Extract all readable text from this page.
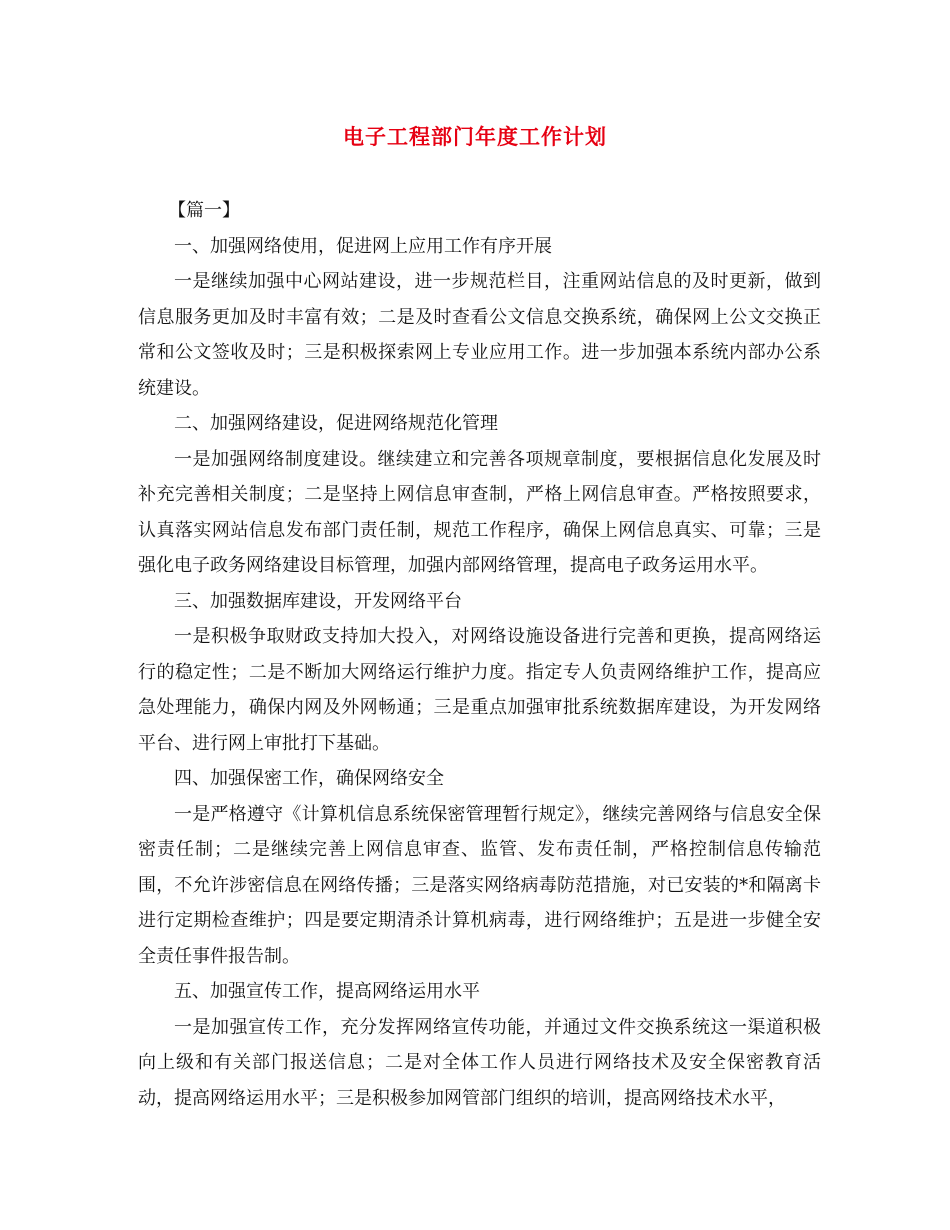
电子工程部门年度工作计划

【篇一】

一、加强网络使用，促进网上应用工作有序开展

一是继续加强中心网站建设，进一步规范栏目，注重网站信息的及时更新，做到信息服务更加及时丰富有效；二是及时查看公文信息交换系统，确保网上公文交换正常和公文签收及时；三是积极探索网上专业应用工作。进一步加强本系统内部办公系统建设。

二、加强网络建设，促进网络规范化管理

一是加强网络制度建设。继续建立和完善各项规章制度，要根据信息化发展及时补充完善相关制度；二是坚持上网信息审查制，严格上网信息审查。严格按照要求，认真落实网站信息发布部门责任制，规范工作程序，确保上网信息真实、可靠；三是强化电子政务网络建设目标管理，加强内部网络管理，提高电子政务运用水平。

三、加强数据库建设，开发网络平台

一是积极争取财政支持加大投入，对网络设施设备进行完善和更换，提高网络运行的稳定性；二是不断加大网络运行维护力度。指定专人负责网络维护工作，提高应急处理能力，确保内网及外网畅通；三是重点加强审批系统数据库建设，为开发网络平台、进行网上审批打下基础。

四、加强保密工作，确保网络安全

一是严格遵守《计算机信息系统保密管理暂行规定》，继续完善网络与信息安全保密责任制；二是继续完善上网信息审查、监管、发布责任制，严格控制信息传输范围，不允许涉密信息在网络传播；三是落实网络病毒防范措施，对已安装的*和隔离卡进行定期检查维护；四是要定期清杀计算机病毒，进行网络维护；五是进一步健全安全责任事件报告制。

五、加强宣传工作，提高网络运用水平

一是加强宣传工作，充分发挥网络宣传功能，并通过文件交换系统这一渠道积极向上级和有关部门报送信息；二是对全体工作人员进行网络技术及安全保密教育活动，提高网络运用水平；三是积极参加网管部门组织的培训，提高网络技术水平，
